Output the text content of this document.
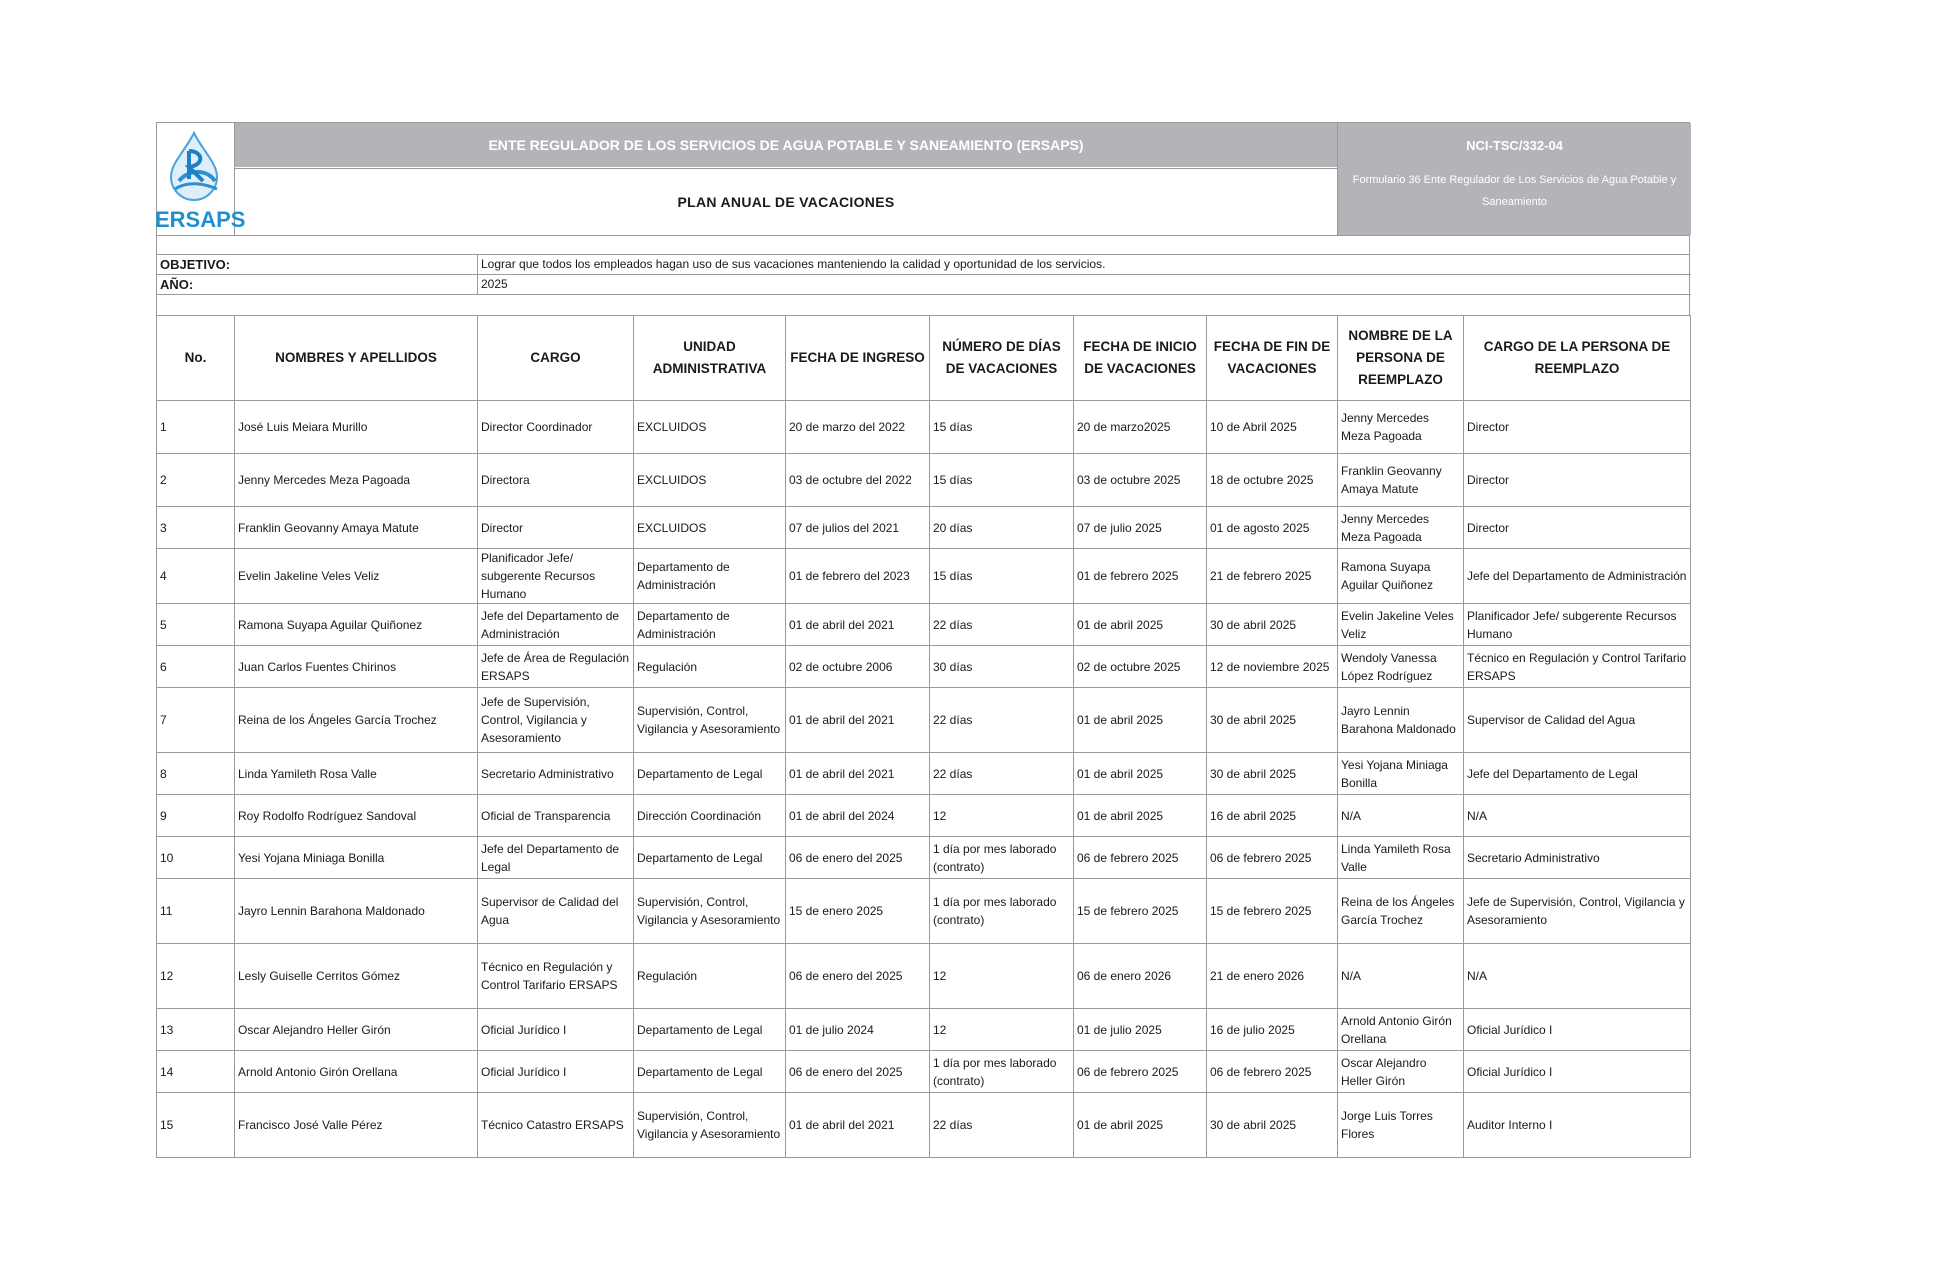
ERSAPS
ENTE REGULADOR DE LOS SERVICIOS DE AGUA POTABLE Y SANEAMIENTO (ERSAPS)
PLAN ANUAL DE VACACIONES
NCI-TSC/332-04
Formulario 36 Ente Regulador de Los Servicios de Agua Potable y Saneamiento
OBJETIVO:	Lograr que todos los empleados hagan uso de sus vacaciones manteniendo la calidad y oportunidad de los servicios.
AÑO:	2025
No.	NOMBRES Y APELLIDOS	CARGO	UNIDAD ADMINISTRATIVA	FECHA DE INGRESO	NÚMERO DE DÍAS DE VACACIONES	FECHA DE INICIO DE VACACIONES	FECHA DE FIN DE VACACIONES	NOMBRE DE LA PERSONA DE REEMPLAZO	CARGO DE LA PERSONA DE REEMPLAZO
1	José Luis Meiara Murillo	Director Coordinador	EXCLUIDOS	20 de marzo del 2022	15 días	20 de marzo2025	10 de Abril 2025	Jenny Mercedes Meza Pagoada	Director
2	Jenny Mercedes Meza Pagoada	Directora	EXCLUIDOS	03 de octubre del 2022	15 días	03 de octubre 2025	18 de octubre 2025	Franklin Geovanny Amaya Matute	Director
3	Franklin Geovanny Amaya Matute	Director	EXCLUIDOS	07 de julios del 2021	20 días	07 de julio 2025	01 de agosto 2025	Jenny Mercedes Meza Pagoada	Director
4	Evelin Jakeline Veles Veliz	Planificador Jefe/ subgerente Recursos Humano	Departamento de Administración	01 de febrero del 2023	15 días	01 de febrero 2025	21 de febrero 2025	Ramona Suyapa Aguilar Quiñonez	Jefe del Departamento de Administración
5	Ramona Suyapa Aguilar Quiñonez	Jefe del Departamento de Administración	Departamento de Administración	01 de abril del 2021	22 días	01 de abril 2025	30 de abril 2025	Evelin Jakeline Veles Veliz	Planificador Jefe/ subgerente Recursos Humano
6	Juan Carlos Fuentes Chirinos	Jefe de Área de Regulación ERSAPS	Regulación	02 de octubre 2006	30 días	02 de octubre 2025	12 de noviembre 2025	Wendoly Vanessa López Rodríguez	Técnico en Regulación y Control Tarifario ERSAPS
7	Reina de los Ángeles García Trochez	Jefe de Supervisión, Control, Vigilancia y Asesoramiento	Supervisión, Control, Vigilancia y Asesoramiento	01 de abril del 2021	22 días	01 de abril 2025	30 de abril 2025	Jayro Lennin Barahona Maldonado	Supervisor de Calidad del Agua
8	Linda Yamileth Rosa Valle	Secretario Administrativo	Departamento de Legal	01 de abril del 2021	22 días	01 de abril 2025	30 de abril 2025	Yesi Yojana Miniaga Bonilla	Jefe del Departamento de Legal
9	Roy Rodolfo Rodríguez Sandoval	Oficial de Transparencia	Dirección Coordinación	01 de abril del 2024	12	01 de abril 2025	16 de abril 2025	N/A	N/A
10	Yesi Yojana Miniaga Bonilla	Jefe del Departamento de Legal	Departamento de Legal	06 de enero del 2025	1 día por mes laborado (contrato)	06 de febrero 2025	06 de febrero 2025	Linda Yamileth Rosa Valle	Secretario Administrativo
11	Jayro Lennin Barahona Maldonado	Supervisor de Calidad del Agua	Supervisión, Control, Vigilancia y Asesoramiento	15 de enero 2025	1 día por mes laborado (contrato)	15 de febrero 2025	15 de febrero 2025	Reina de los Ángeles García Trochez	Jefe de Supervisión, Control, Vigilancia y Asesoramiento
12	Lesly Guiselle Cerritos Gómez	Técnico en Regulación y Control Tarifario ERSAPS	Regulación	06 de enero del 2025	12	06 de enero 2026	21 de enero 2026	N/A	N/A
13	Oscar Alejandro Heller Girón	Oficial Jurídico I	Departamento de Legal	01 de julio 2024	12	01 de julio 2025	16 de julio 2025	Arnold Antonio Girón Orellana	Oficial Jurídico I
14	Arnold Antonio Girón Orellana	Oficial Jurídico I	Departamento de Legal	06 de enero del 2025	1 día por mes laborado (contrato)	06 de febrero 2025	06 de febrero 2025	Oscar Alejandro Heller Girón	Oficial Jurídico I
15	Francisco José Valle Pérez	Técnico Catastro ERSAPS	Supervisión, Control, Vigilancia y Asesoramiento	01 de abril del 2021	22 días	01 de abril 2025	30 de abril 2025	Jorge Luis Torres Flores	Auditor Interno I
